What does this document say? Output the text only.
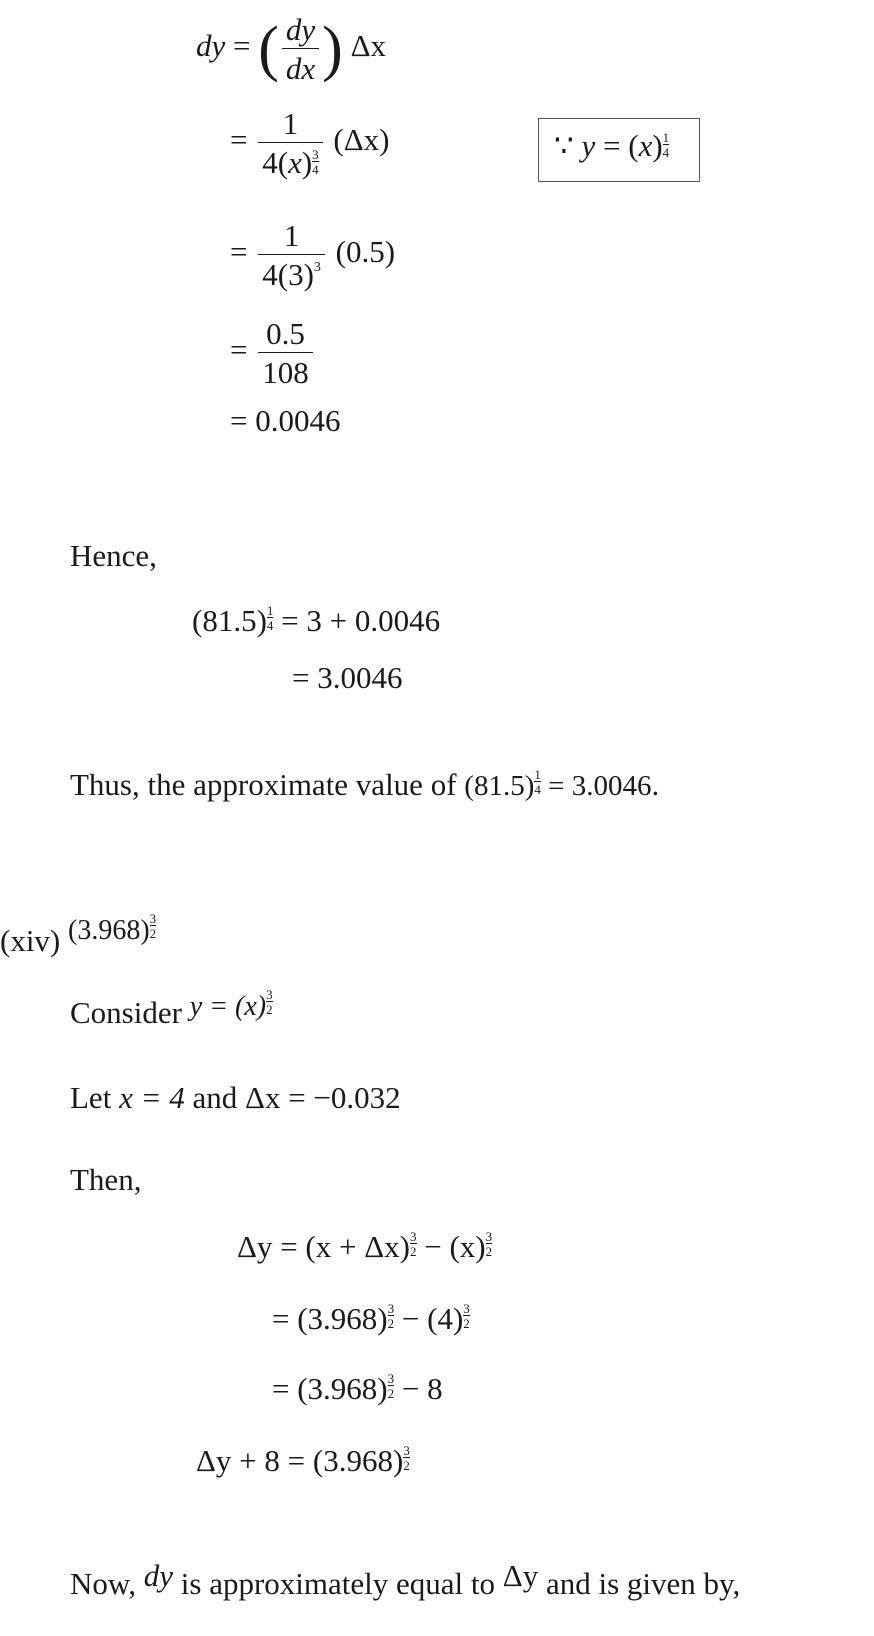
dy = ( $\frac{dy}{dx}$ ) Δx
= $\frac{1}{4(x) \frac{3}{4}} (\Delta x)$	∵ $y = (x) \frac{1}{4}$
= $\frac{1}{4(3)3} (0.5)$
= $\frac{0.5}{108}$
= 0.0046
Hence,
$(81.5) \frac{1}{4} = 3 + 0.0046$
= 3.0046
Thus, the approximate value of $(81.5) \frac{1}{4} = 3.0046$.
(xiv) $(3.968) \frac{3}{2}$
Consider $y = (x) \frac{3}{2}$
Let x = 4 and Δx = −0.032
Then,
$\Delta y = (x + \Delta x) \frac{3}{2} - (x) \frac{3}{2}$
= $(3.968) \frac{3}{2} - (4) \frac{3}{2}$
= $(3.968) \frac{3}{2} - 8$
$\Delta y + 8 = (3.968) \frac{3}{2}$
Now, dy is approximately equal to Δy and is given by,
